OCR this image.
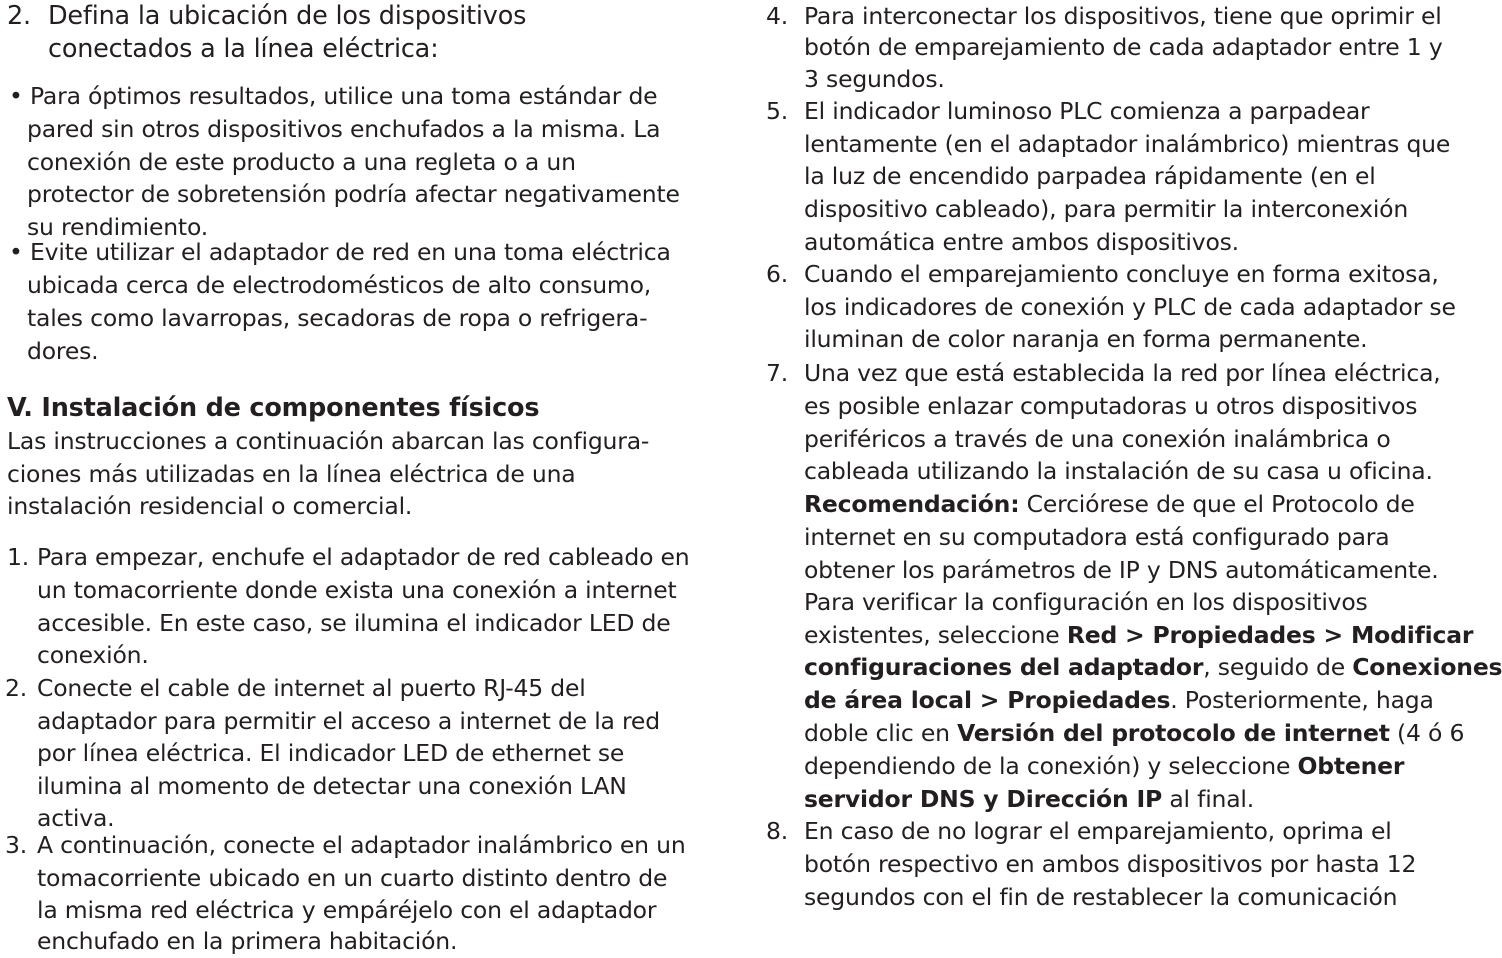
2. Defina la ubicación de los dispositivos
conectados a la línea eléctrica:
• Para óptimos resultados, utilice una toma estándar de
pared sin otros dispositivos enchufados a la misma. La
conexión de este producto a una regleta o a un
protector de sobretensión podría afectar negativamente
su rendimiento.
• Evite utilizar el adaptador de red en una toma eléctrica
ubicada cerca de electrodomésticos de alto consumo,
tales como lavarropas, secadoras de ropa o refrigera-
dores.
V. Instalación de componentes físicos
Las instrucciones a continuación abarcan las configura-
ciones más utilizadas en la línea eléctrica de una
instalación residencial o comercial.
1. Para empezar, enchufe el adaptador de red cableado en
un tomacorriente donde exista una conexión a internet
accesible. En este caso, se ilumina el indicador LED de
conexión.
2. Conecte el cable de internet al puerto RJ-45 del
adaptador para permitir el acceso a internet de la red
por línea eléctrica. El indicador LED de ethernet se
ilumina al momento de detectar una conexión LAN
activa.
3. A continuación, conecte el adaptador inalámbrico en un
tomacorriente ubicado en un cuarto distinto dentro de
la misma red eléctrica y empáréjelo con el adaptador
enchufado en la primera habitación.
4. Para interconectar los dispositivos, tiene que oprimir el
botón de emparejamiento de cada adaptador entre 1 y
3 segundos.
5. El indicador luminoso PLC comienza a parpadear
lentamente (en el adaptador inalámbrico) mientras que
la luz de encendido parpadea rápidamente (en el
dispositivo cableado), para permitir la interconexión
automática entre ambos dispositivos.
6. Cuando el emparejamiento concluye en forma exitosa,
los indicadores de conexión y PLC de cada adaptador se
iluminan de color naranja en forma permanente.
7. Una vez que está establecida la red por línea eléctrica,
es posible enlazar computadoras u otros dispositivos
periféricos a través de una conexión inalámbrica o
cableada utilizando la instalación de su casa u oficina.
Recomendación: Cerciórese de que el Protocolo de
internet en su computadora está configurado para
obtener los parámetros de IP y DNS automáticamente.
Para verificar la configuración en los dispositivos
existentes, seleccione Red > Propiedades > Modificar
configuraciones del adaptador, seguido de Conexiones
de área local > Propiedades. Posteriormente, haga
doble clic en Versión del protocolo de internet (4 ó 6
dependiendo de la conexión) y seleccione Obtener
servidor DNS y Dirección IP al final.
8. En caso de no lograr el emparejamiento, oprima el
botón respectivo en ambos dispositivos por hasta 12
segundos con el fin de restablecer la comunicación
